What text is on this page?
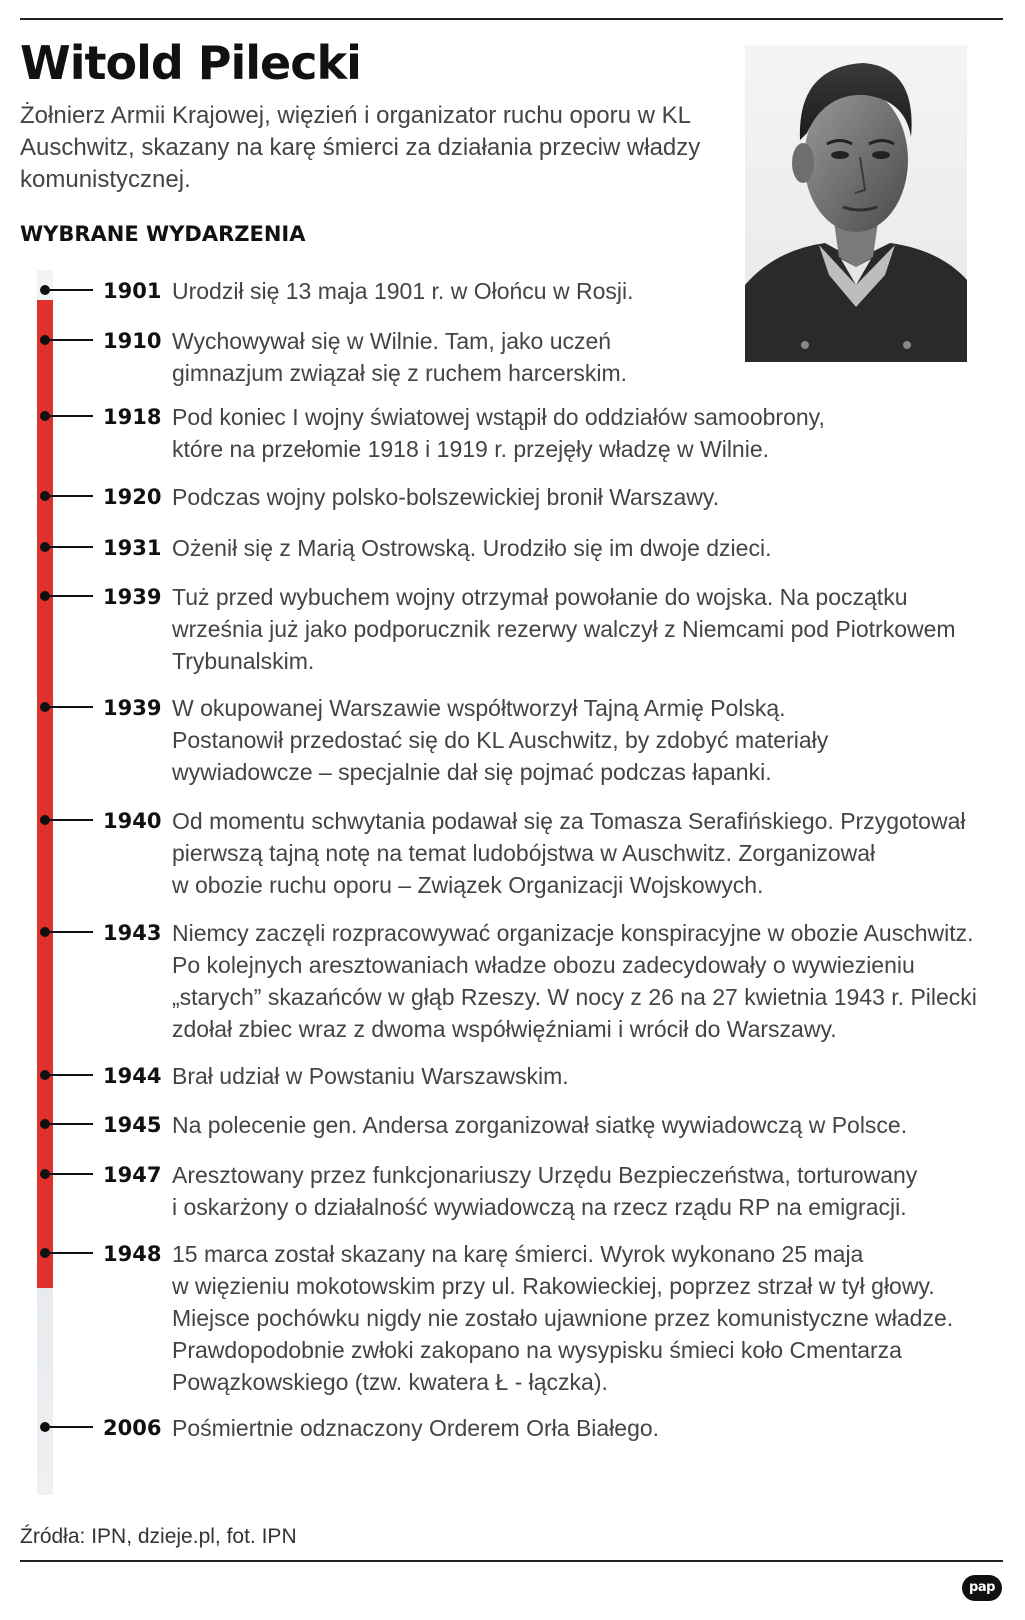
Witold Pilecki

Żołnierz Armii Krajowej, więzień i organizator ruchu oporu w KL Auschwitz, skazany na karę śmierci za działania przeciw władzy komunistycznej.

WYBRANE WYDARZENIA

1901 Urodził się 13 maja 1901 r. w Ołońcu w Rosji.
1910 Wychowywał się w Wilnie. Tam, jako uczeń
gimnazjum związał się z ruchem harcerskim.
1918 Pod koniec I wojny światowej wstąpił do oddziałów samoobrony,
które na przełomie 1918 i 1919 r. przejęły władzę w Wilnie.
1920 Podczas wojny polsko-bolszewickiej bronił Warszawy.
1931 Ożenił się z Marią Ostrowską. Urodziło się im dwoje dzieci.
1939 Tuż przed wybuchem wojny otrzymał powołanie do wojska. Na początku
września już jako podporucznik rezerwy walczył z Niemcami pod Piotrkowem
Trybunalskim.
1939 W okupowanej Warszawie współtworzył Tajną Armię Polską.
Postanowił przedostać się do KL Auschwitz, by zdobyć materiały
wywiadowcze – specjalnie dał się pojmać podczas łapanki.
1940 Od momentu schwytania podawał się za Tomasza Serafińskiego. Przygotował
pierwszą tajną notę na temat ludobójstwa w Auschwitz. Zorganizował
w obozie ruchu oporu – Związek Organizacji Wojskowych.
1943 Niemcy zaczęli rozpracowywać organizacje konspiracyjne w obozie Auschwitz.
Po kolejnych aresztowaniach władze obozu zadecydowały o wywiezieniu
„starych” skazańców w głąb Rzeszy. W nocy z 26 na 27 kwietnia 1943 r. Pilecki
zdołał zbiec wraz z dwoma współwięźniami i wrócił do Warszawy.
1944 Brał udział w Powstaniu Warszawskim.
1945 Na polecenie gen. Andersa zorganizował siatkę wywiadowczą w Polsce.
1947 Aresztowany przez funkcjonariuszy Urzędu Bezpieczeństwa, torturowany
i oskarżony o działalność wywiadowczą na rzecz rządu RP na emigracji.
1948 15 marca został skazany na karę śmierci. Wyrok wykonano 25 maja
w więzieniu mokotowskim przy ul. Rakowieckiej, poprzez strzał w tył głowy.
Miejsce pochówku nigdy nie zostało ujawnione przez komunistyczne władze.
Prawdopodobnie zwłoki zakopano na wysypisku śmieci koło Cmentarza
Powązkowskiego (tzw. kwatera Ł - łączka).
2006 Pośmiertnie odznaczony Orderem Orła Białego.

Źródła: IPN, dzieje.pl, fot. IPN

pap
